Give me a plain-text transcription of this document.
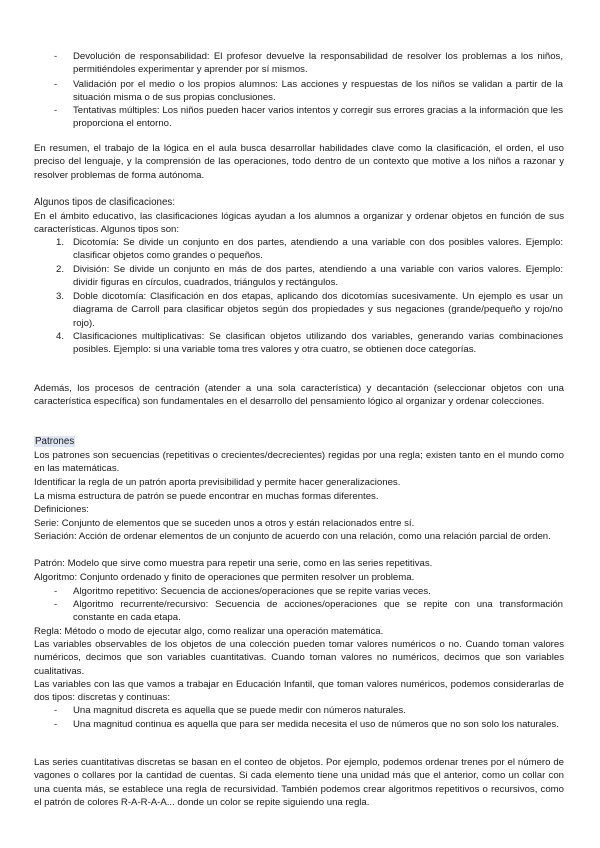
- Devolución de responsabilidad: El profesor devuelve la responsabilidad de resolver los problemas a los niños, permitiéndoles experimentar y aprender por sí mismos.

- Validación por el medio o los propios alumnos: Las acciones y respuestas de los niños se validan a partir de la situación misma o de sus propias conclusiones.

- Tentativas múltiples: Los niños pueden hacer varios intentos y corregir sus errores gracias a la información que les proporciona el entorno.

En resumen, el trabajo de la lógica en el aula busca desarrollar habilidades clave como la clasificación, el orden, el uso preciso del lenguaje, y la comprensión de las operaciones, todo dentro de un contexto que motive a los niños a razonar y resolver problemas de forma autónoma.

Algunos tipos de clasificaciones:

En el ámbito educativo, las clasificaciones lógicas ayudan a los alumnos a organizar y ordenar objetos en función de sus características. Algunos tipos son:

1. Dicotomía: Se divide un conjunto en dos partes, atendiendo a una variable con dos posibles valores. Ejemplo: clasificar objetos como grandes o pequeños.

2. División: Se divide un conjunto en más de dos partes, atendiendo a una variable con varios valores. Ejemplo: dividir figuras en círculos, cuadrados, triángulos y rectángulos.

3. Doble dicotomía: Clasificación en dos etapas, aplicando dos dicotomías sucesivamente. Un ejemplo es usar un diagrama de Carroll para clasificar objetos según dos propiedades y sus negaciones (grande/pequeño y rojo/no rojo).

4. Clasificaciones multiplicativas: Se clasifican objetos utilizando dos variables, generando varias combinaciones posibles. Ejemplo: si una variable toma tres valores y otra cuatro, se obtienen doce categorías.

Además, los procesos de centración (atender a una sola característica) y decantación (seleccionar objetos con una característica específica) son fundamentales en el desarrollo del pensamiento lógico al organizar y ordenar colecciones.

Patrones

Los patrones son secuencias (repetitivas o crecientes/decrecientes) regidas por una regla; existen tanto en el mundo como en las matemáticas.

Identificar la regla de un patrón aporta previsibilidad y permite hacer generalizaciones.

La misma estructura de patrón se puede encontrar en muchas formas diferentes.

Definiciones:

Serie: Conjunto de elementos que se suceden unos a otros y están relacionados entre sí.

Seriación: Acción de ordenar elementos de un conjunto de acuerdo con una relación, como una relación parcial de orden.

Patrón: Modelo que sirve como muestra para repetir una serie, como en las series repetitivas.

Algoritmo: Conjunto ordenado y finito de operaciones que permiten resolver un problema.

- Algoritmo repetitivo: Secuencia de acciones/operaciones que se repite varias veces.

- Algoritmo recurrente/recursivo: Secuencia de acciones/operaciones que se repite con una transformación constante en cada etapa.

Regla: Método o modo de ejecutar algo, como realizar una operación matemática.

Las variables observables de los objetos de una colección pueden tomar valores numéricos o no. Cuando toman valores numéricos, decimos que son variables cuantitativas. Cuando toman valores no numéricos, decimos que son variables cualitativas.

Las variables con las que vamos a trabajar en Educación Infantil, que toman valores numéricos, podemos considerarlas de dos tipos: discretas y continuas:

- Una magnitud discreta es aquella que se puede medir con números naturales.

- Una magnitud continua es aquella que para ser medida necesita el uso de números que no son solo los naturales.

Las series cuantitativas discretas se basan en el conteo de objetos. Por ejemplo, podemos ordenar trenes por el número de vagones o collares por la cantidad de cuentas. Si cada elemento tiene una unidad más que el anterior, como un collar con una cuenta más, se establece una regla de recursividad. También podemos crear algoritmos repetitivos o recursivos, como el patrón de colores R-A-R-A-A... donde un color se repite siguiendo una regla.
